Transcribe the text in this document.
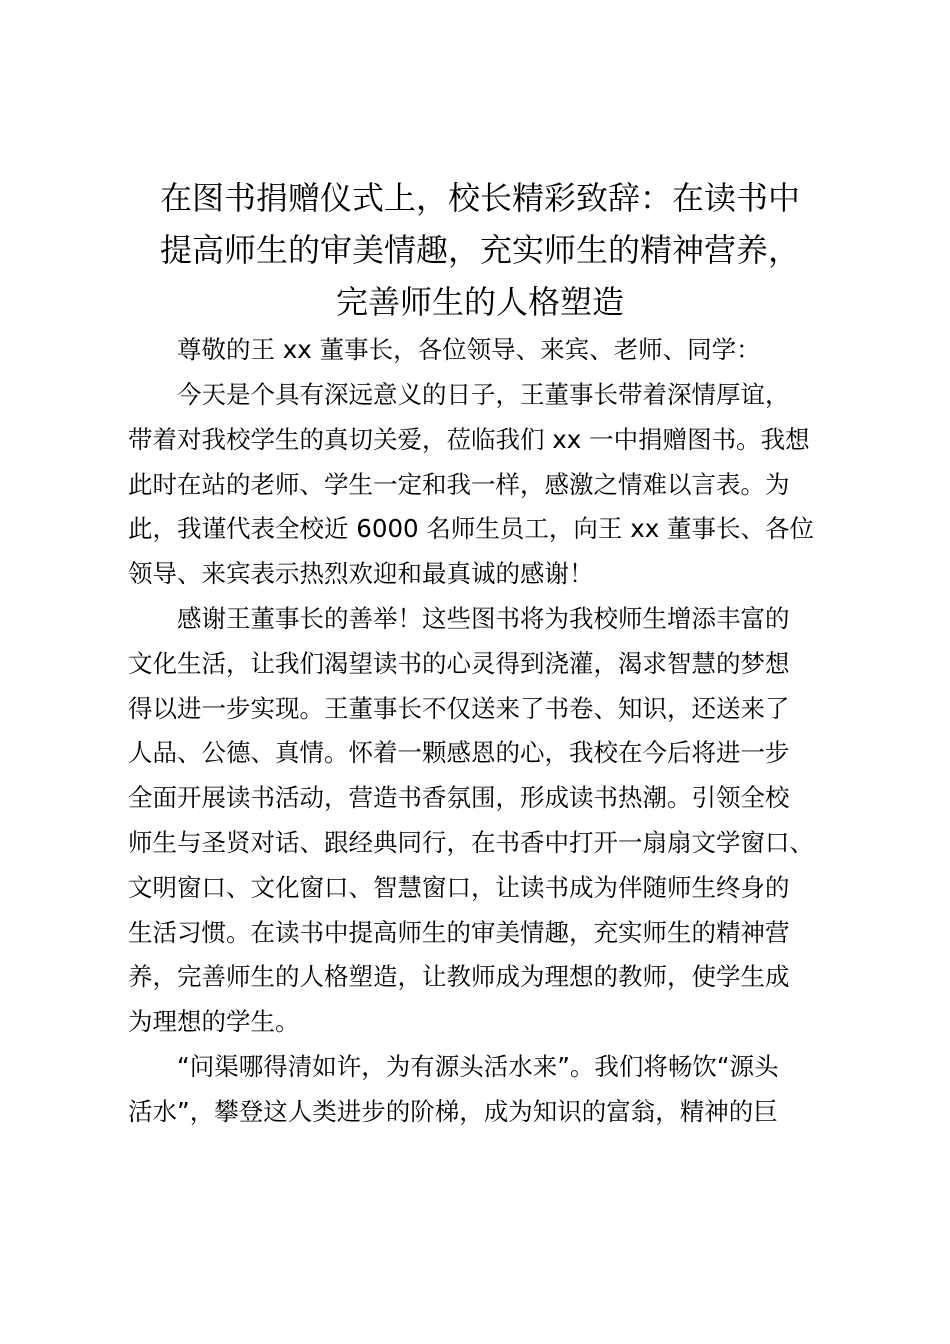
在图书捐赠仪式上，校长精彩致辞：在读书中
提高师生的审美情趣，充实师生的精神营养，
完善师生的人格塑造

尊敬的王 xx 董事长，各位领导、来宾、老师、同学：

今天是个具有深远意义的日子，王董事长带着深情厚谊，
带着对我校学生的真切关爱，莅临我们 xx 一中捐赠图书。我想
此时在站的老师、学生一定和我一样，感激之情难以言表。为
此，我谨代表全校近 6000 名师生员工，向王 xx 董事长、各位
领导、来宾表示热烈欢迎和最真诚的感谢！

感谢王董事长的善举！这些图书将为我校师生增添丰富的
文化生活，让我们渴望读书的心灵得到浇灌，渴求智慧的梦想
得以进一步实现。王董事长不仅送来了书卷、知识，还送来了
人品、公德、真情。怀着一颗感恩的心，我校在今后将进一步
全面开展读书活动，营造书香氛围，形成读书热潮。引领全校
师生与圣贤对话、跟经典同行，在书香中打开一扇扇文学窗口、
文明窗口、文化窗口、智慧窗口，让读书成为伴随师生终身的
生活习惯。在读书中提高师生的审美情趣，充实师生的精神营
养，完善师生的人格塑造，让教师成为理想的教师，使学生成
为理想的学生。

“问渠哪得清如许，为有源头活水来”。我们将畅饮“源头
活水”，攀登这人类进步的阶梯，成为知识的富翁，精神的巨
